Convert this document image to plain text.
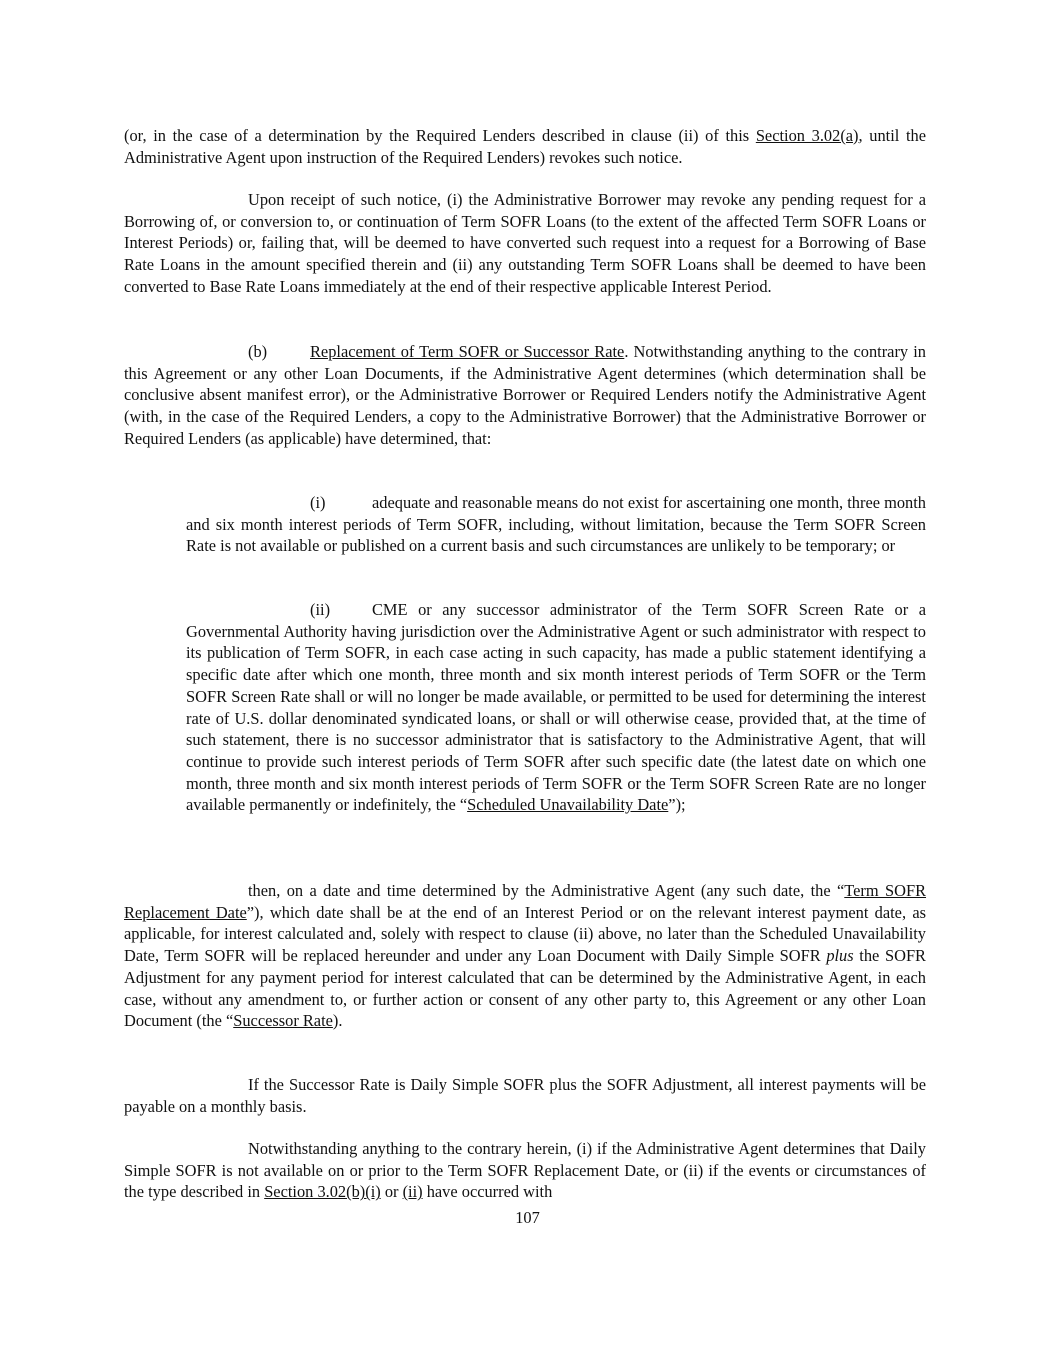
(or, in the case of a determination by the Required Lenders described in clause (ii) of this Section 3.02(a), until the Administrative Agent upon instruction of the Required Lenders) revokes such notice.

Upon receipt of such notice, (i) the Administrative Borrower may revoke any pending request for a Borrowing of, or conversion to, or continuation of Term SOFR Loans (to the extent of the affected Term SOFR Loans or Interest Periods) or, failing that, will be deemed to have converted such request into a request for a Borrowing of Base Rate Loans in the amount specified therein and (ii) any outstanding Term SOFR Loans shall be deemed to have been converted to Base Rate Loans immediately at the end of their respective applicable Interest Period.

(b)	Replacement of Term SOFR or Successor Rate. Notwithstanding anything to the contrary in this Agreement or any other Loan Documents, if the Administrative Agent determines (which determination shall be conclusive absent manifest error), or the Administrative Borrower or Required Lenders notify the Administrative Agent (with, in the case of the Required Lenders, a copy to the Administrative Borrower) that the Administrative Borrower or Required Lenders (as applicable) have determined, that:

(i)	adequate and reasonable means do not exist for ascertaining one month, three month and six month interest periods of Term SOFR, including, without limitation, because the Term SOFR Screen Rate is not available or published on a current basis and such circumstances are unlikely to be temporary; or

(ii)	CME or any successor administrator of the Term SOFR Screen Rate or a Governmental Authority having jurisdiction over the Administrative Agent or such administrator with respect to its publication of Term SOFR, in each case acting in such capacity, has made a public statement identifying a specific date after which one month, three month and six month interest periods of Term SOFR or the Term SOFR Screen Rate shall or will no longer be made available, or permitted to be used for determining the interest rate of U.S. dollar denominated syndicated loans, or shall or will otherwise cease, provided that, at the time of such statement, there is no successor administrator that is satisfactory to the Administrative Agent, that will continue to provide such interest periods of Term SOFR after such specific date (the latest date on which one month, three month and six month interest periods of Term SOFR or the Term SOFR Screen Rate are no longer available permanently or indefinitely, the “Scheduled Unavailability Date”);

then, on a date and time determined by the Administrative Agent (any such date, the “Term SOFR Replacement Date”), which date shall be at the end of an Interest Period or on the relevant interest payment date, as applicable, for interest calculated and, solely with respect to clause (ii) above, no later than the Scheduled Unavailability Date, Term SOFR will be replaced hereunder and under any Loan Document with Daily Simple SOFR plus the SOFR Adjustment for any payment period for interest calculated that can be determined by the Administrative Agent, in each case, without any amendment to, or further action or consent of any other party to, this Agreement or any other Loan Document (the “Successor Rate).

If the Successor Rate is Daily Simple SOFR plus the SOFR Adjustment, all interest payments will be payable on a monthly basis.

Notwithstanding anything to the contrary herein, (i) if the Administrative Agent determines that Daily Simple SOFR is not available on or prior to the Term SOFR Replacement Date, or (ii) if the events or circumstances of the type described in Section 3.02(b)(i) or (ii) have occurred with

107
